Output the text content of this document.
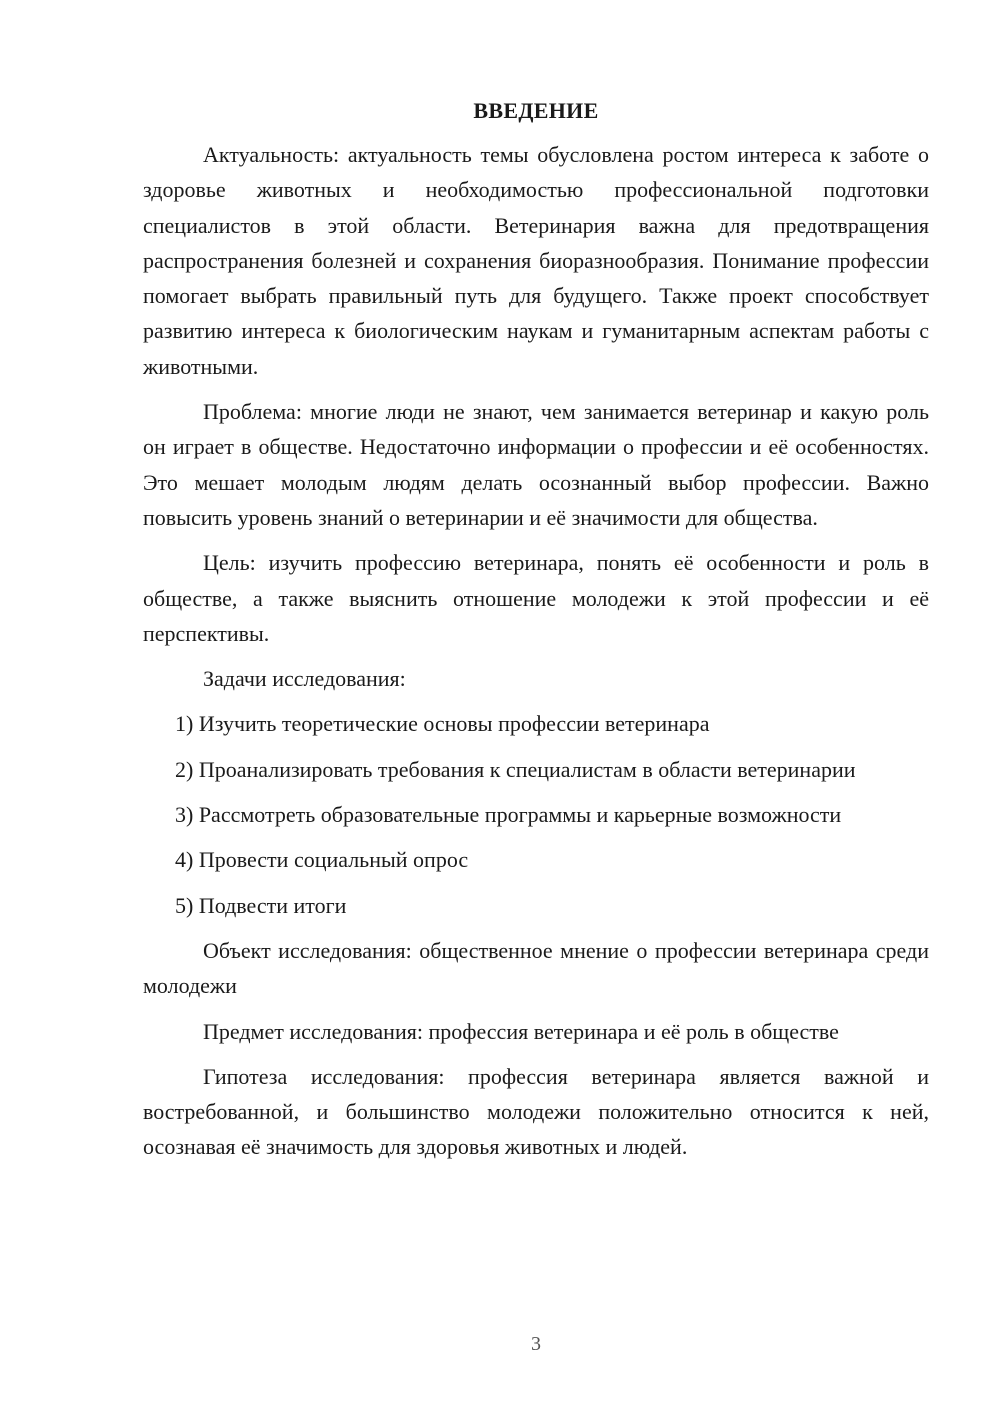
ВВЕДЕНИЕ

Актуальность: актуальность темы обусловлена ростом интереса к заботе о здоровье животных и необходимостью профессиональной подготовки специалистов в этой области. Ветеринария важна для предотвращения распространения болезней и сохранения биоразнообразия. Понимание профессии помогает выбрать правильный путь для будущего. Также проект способствует развитию интереса к биологическим наукам и гуманитарным аспектам работы с животными.

Проблема: многие люди не знают, чем занимается ветеринар и какую роль он играет в обществе. Недостаточно информации о профессии и её особенностях. Это мешает молодым людям делать осознанный выбор профессии. Важно повысить уровень знаний о ветеринарии и её значимости для общества.

Цель: изучить профессию ветеринара, понять её особенности и роль в обществе, а также выяснить отношение молодежи к этой профессии и её перспективы.

Задачи исследования:

1) Изучить теоретические основы профессии ветеринара

2) Проанализировать требования к специалистам в области ветеринарии

3) Рассмотреть образовательные программы и карьерные возможности

4) Провести социальный опрос

5) Подвести итоги

Объект исследования: общественное мнение о профессии ветеринара среди молодежи

Предмет исследования: профессия ветеринара и её роль в обществе

Гипотеза исследования: профессия ветеринара является важной и востребованной, и большинство молодежи положительно относится к ней, осознавая её значимость для здоровья животных и людей.

3
